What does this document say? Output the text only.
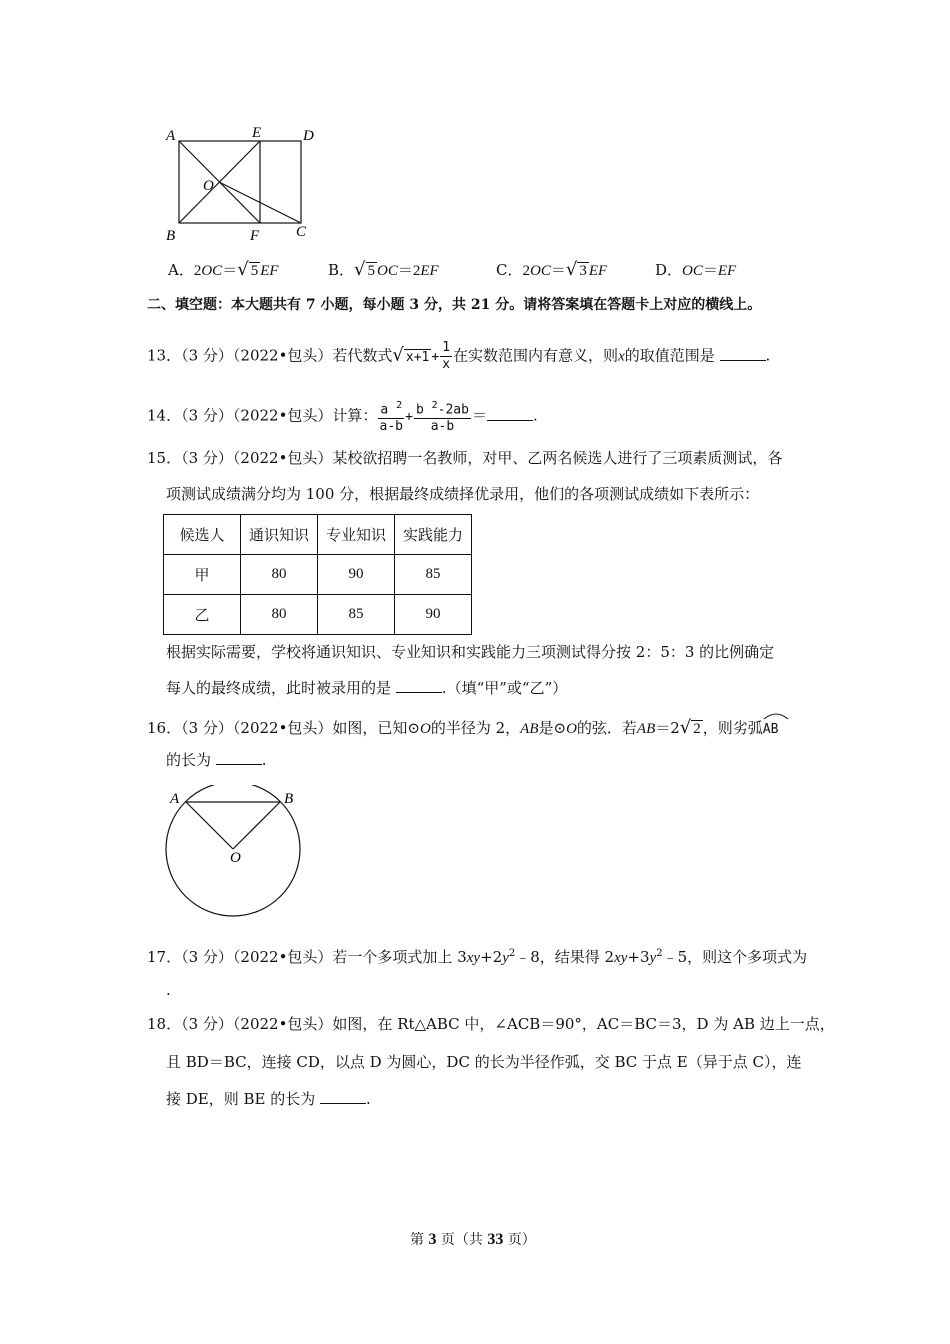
A	E	D
O
B	F C
A．2OC＝√ 5 EF	B．√ 5 OC＝2EF	C．2OC＝√ 3 EF	D．OC＝EF
二、填空题：本大题共有 7 小题，每小题 3 分，共 21 分。请将答案填在答题卡上对应的横线上。
13．（3 分）（2022•包头）若代数式√ $x+1 + \frac{1}{x}$ 在实数范围内有意义，则x的取值范围是	.
14．（3 分）（2022•包头）计算： $\frac{a ^2}{a-b} + \frac{b ^2-2ab}{a-b}$ ＝	.
15．（3 分）（2022•包头）某校欲招聘一名教师，对甲、乙两名候选人进行了三项素质测试，各
项测试成绩满分均为 100 分，根据最终成绩择优录用，他们的各项测试成绩如下表所示：
候选人	通识知识	专业知识	实践能力
甲	80	90	85
乙	80	85	90
根据实际需要，学校将通识知识、专业知识和实践能力三项测试得分按 2：5：3 的比例确定
每人的最终成绩，此时被录用的是	.（填“甲”或“乙”）
16．（3 分）（2022•包头）如图，已知⊙O的半径为 2，AB是⊙O的弦．若AB＝2√ 2 ，则劣弧
AB
的长为	.
A	B
O
17．（3 分）（2022•包头）若一个多项式加上 $3xy+2y^2﹣8$，结果得 $2xy+3y^2﹣5$，则这个多项式为
.
18．（3 分）（2022•包头）如图，在 Rt△ABC 中，∠ACB＝90°，AC＝BC＝3，D 为 AB 边上一点，
且 BD＝BC，连接 CD，以点 D 为圆心，DC 的长为半径作弧，交 BC 于点 E（异于点 C），连
接 DE，则 BE 的长为	.
第 3 页（共 33 页）
